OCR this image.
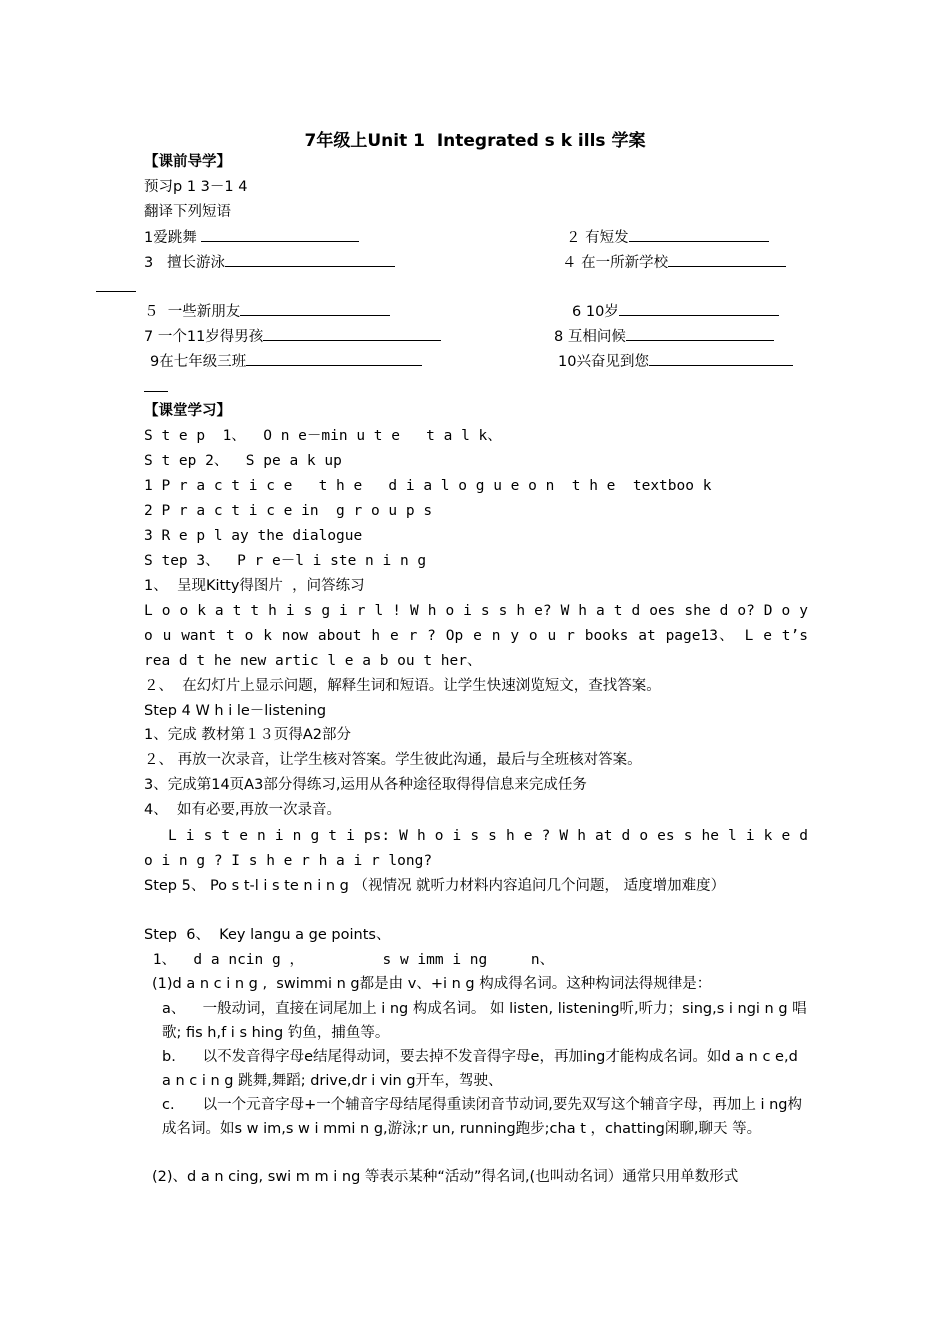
7年级上Unit 1  Integrated s k ills 学案
【课前导学】
预习p 1 3－1 4
翻译下列短语
1爱跳舞	２ 有短发
3 擅长游泳	４ 在一所新学校
５ 一些新朋友	6 10岁
7 一个11岁得男孩	8 互相问候
9在七年级三班	10兴奋见到您
【课堂学习】
S t e p  1、  O n e－min u t e   t a l k、
S t ep 2、  S pe a k up
1 P r a c t i c e   t h e   d i a l o g u e o n  t h e  textboo k
2 P r a c t i c e in  g r o u p s
3 R e p l ay the dialogue
S tep 3、  P r e－l i ste n i n g
1、  呈现Kitty得图片  ，问答练习
L o o k a t t h i s g i r l ! W h o i s s h e? W h a t d oes she d o? D o y o u want t o k now about h e r ? Op e n y o u r books at page13、 L e t’s rea d t he new artic l e a b ou t her、
２、  在幻灯片上显示问题，解释生词和短语。让学生快速浏览短文，查找答案。
Step 4 W h i le－listening
1、完成 教材第１３页得A2部分
２、 再放一次录音，让学生核对答案。学生彼此沟通，最后与全班核对答案。
3、完成第14页A3部分得练习,运用从各种途径取得得信息来完成任务
4、  如有必要,再放一次录音。
L i s t e n i n g t i ps: W h o i s s h e ? W h at d o es s he l i k e d o i n g ? I s h e r h a i r long?
Step 5、 Po s t-l i s te n i n g （视情况 就听力材料内容追问几个问题， 适度增加难度）
Step  6、  Key langu a ge points、
1、  d a ncin g ，         s w imm i ng     n、
(1)d a n c i n g ,  swimmi n g都是由 v、+i n g 构成得名词。这种构词法得规律是：
a、 一般动词，直接在词尾加上 i ng 构成名词。 如 listen, listening听,听力；sing,s i ngi n g 唱歌; fis h,f i s hing 钓鱼，捕鱼等。
b. 以不发音得字母e结尾得动词，要去掉不发音得字母e，再加ing才能构成名词。如d a n c e,d a n c i n g 跳舞,舞蹈; drive,dr i vin g开车，驾驶、
c. 以一个元音字母+一个辅音字母结尾得重读闭音节动词,要先双写这个辅音字母，再加上 i ng构成名词。如s w im,s w i mmi n g,游泳;r un, running跑步;cha t ，chatting闲聊,聊天 等。
(2)、d a n cing, swi m m i ng 等表示某种“活动”得名词,(也叫动名词）通常只用单数形式
